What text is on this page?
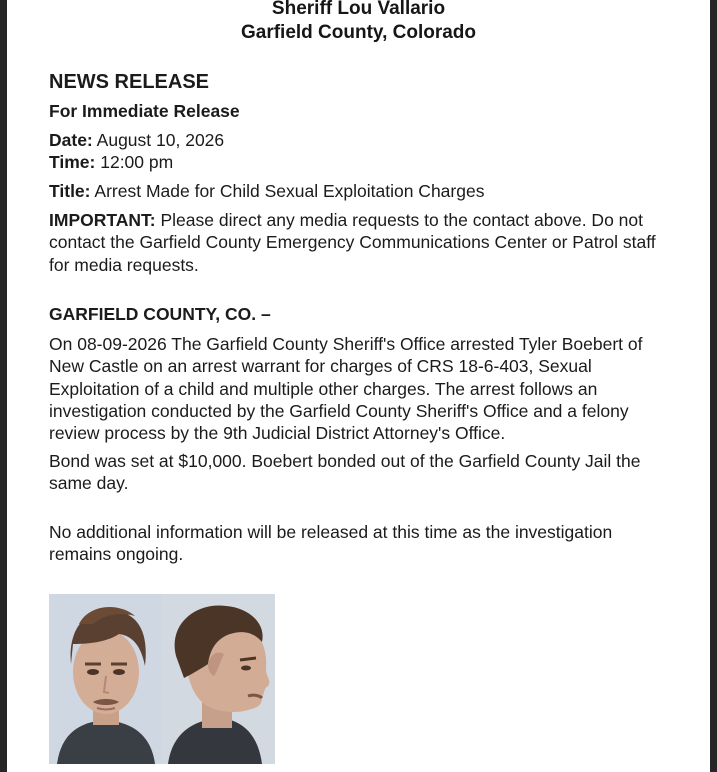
Sheriff Lou Vallario
Garfield County, Colorado
NEWS RELEASE
For Immediate Release
Date: August 10, 2026
Time: 12:00 pm
Title: Arrest Made for Child Sexual Exploitation Charges

IMPORTANT: Please direct any media requests to the contact above. Do not contact the Garfield County Emergency Communications Center or Patrol staff for media requests.

GARFIELD COUNTY, CO. –

On 08-09-2026 The Garfield County Sheriff's Office arrested Tyler Boebert of New Castle on an arrest warrant for charges of CRS 18-6-403, Sexual Exploitation of a child and multiple other charges. The arrest follows an investigation conducted by the Garfield County Sheriff's Office and a felony review process by the 9th Judicial District Attorney's Office.

Bond was set at $10,000. Boebert bonded out of the Garfield County Jail the same day.

No additional information will be released at this time as the investigation remains ongoing.
